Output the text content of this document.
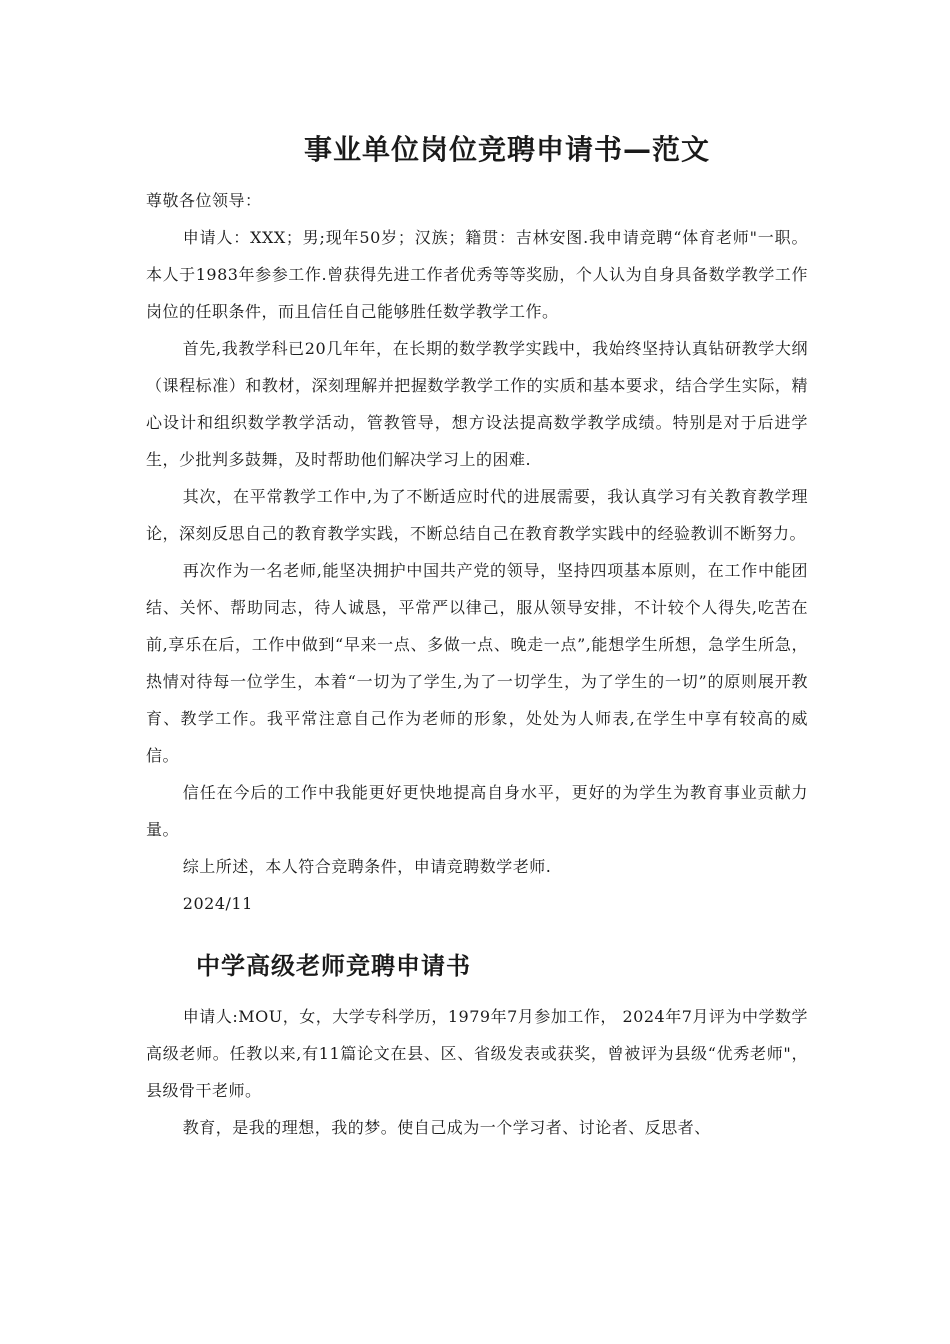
事业单位岗位竞聘申请书—范文

尊敬各位领导：

申请人：XXX；男;现年50岁；汉族；籍贯：吉林安图.我申请竞聘“体育老师"一职。本人于1983年参参工作.曾获得先进工作者优秀等等奖励，个人认为自身具备数学教学工作岗位的任职条件，而且信任自己能够胜任数学教学工作。

首先,我教学科已20几年年，在长期的数学教学实践中，我始终坚持认真钻研教学大纲（课程标准）和教材，深刻理解并把握数学教学工作的实质和基本要求，结合学生实际，精心设计和组织数学教学活动，管教管导，想方设法提高数学教学成绩。特别是对于后进学生，少批判多鼓舞，及时帮助他们解决学习上的困难.

其次，在平常教学工作中,为了不断适应时代的进展需要，我认真学习有关教育教学理论，深刻反思自己的教育教学实践，不断总结自己在教育教学实践中的经验教训不断努力。

再次作为一名老师,能坚决拥护中国共产党的领导，坚持四项基本原则，在工作中能团结、关怀、帮助同志，待人诚恳，平常严以律己，服从领导安排，不计较个人得失,吃苦在前,享乐在后，工作中做到“早来一点、多做一点、晚走一点”,能想学生所想，急学生所急，热情对待每一位学生，本着“一切为了学生,为了一切学生，为了学生的一切”的原则展开教育、教学工作。我平常注意自己作为老师的形象，处处为人师表,在学生中享有较高的威信。

信任在今后的工作中我能更好更快地提高自身水平，更好的为学生为教育事业贡献力量。

综上所述，本人符合竞聘条件，申请竞聘数学老师.

2024/11

中学高级老师竞聘申请书

申请人:MOU，女，大学专科学历，1979年7月参加工作， 2024年7月评为中学数学高级老师。任教以来,有11篇论文在县、区、省级发表或获奖，曾被评为县级“优秀老师"，县级骨干老师。

教育，是我的理想，我的梦。使自己成为一个学习者、讨论者、反思者、
